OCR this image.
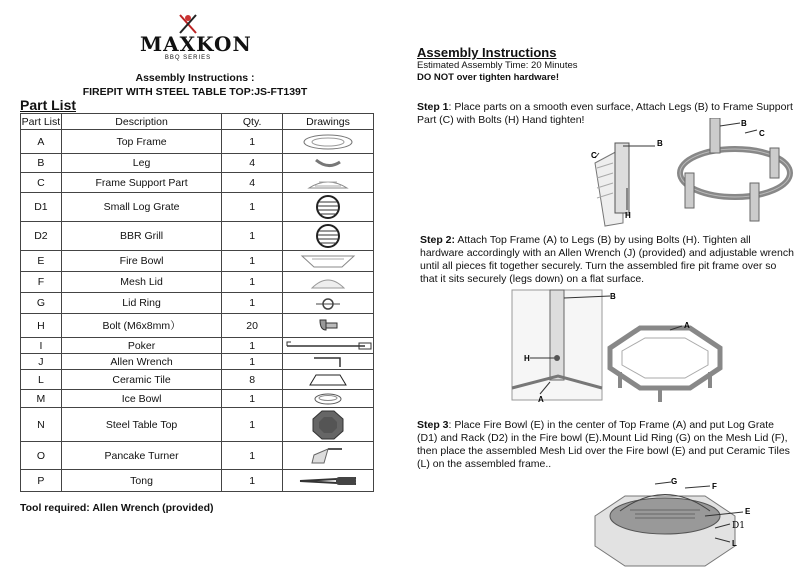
MAXKON
BBQ SERIES
Assembly Instructions :
FIREPIT WITH STEEL TABLE TOP:JS-FT139T
Part List
Part List	Description	Qty.	Drawings
A	Top Frame	1	

B	Leg	4	

C	Frame Support Part	4	

D1	Small Log Grate	1	

D2	BBR Grill	1	

E	Fire Bowl	1	

F	Mesh Lid	1	

G	Lid Ring	1	

H	Bolt (M6x8mm）	20	

I	Poker	1	

J	Allen Wrench	1	

L	Ceramic Tile	8	

M	Ice Bowl	1	

N	Steel Table Top	1	

O	Pancake Turner	1	

P	Tong	1	
Tool required: Allen Wrench (provided)
Assembly Instructions
Estimated Assembly Time: 20 Minutes
DO NOT over tighten hardware!
Step 1: Place parts on a smooth even surface, Attach Legs (B) to Frame Support Part (C) with Bolts (H) Hand tighten!
B
C
B
C
H
Step 2: Attach Top Frame (A) to Legs (B) by using Bolts (H). Tighten all hardware accordingly with an Allen Wrench (J) (provided) and adjustable wrench until all pieces fit together securely. Turn the assembled fire pit frame over so that it sits securely (legs down) on a flat surface.
B
H
A
A
Step 3: Place Fire Bowl (E) in the center of Top Frame (A) and put Log Grate (D1) and Rack (D2) in the Fire bowl (E).Mount Lid Ring (G) on the Mesh Lid (F), then place the assembled Mesh Lid over the Fire bowl (E) and put Ceramic Tiles (L) on the assembled frame..
G
F
E
D1
L
